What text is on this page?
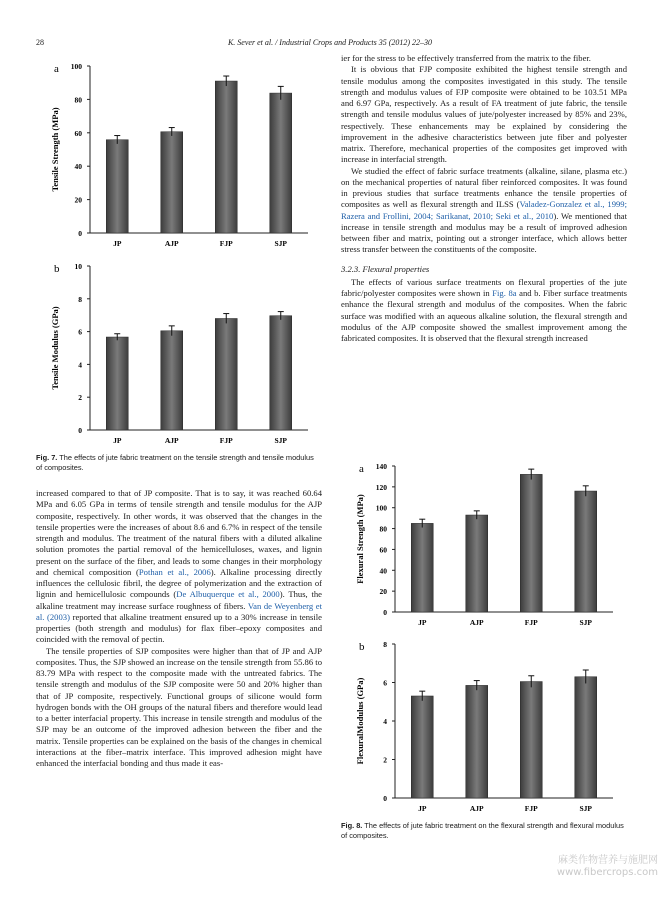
28	K. Sever et al. / Industrial Crops and Products 35 (2012) 22–30
a
0
20
40
60
80
100
Tensile Strength (MPa)
JP	AJP	FJP	SJP
b
0
2
4
6
8
10
Tensile Modulus (GPa)
JP	AJP	FJP	SJP
Fig. 7. The effects of jute fabric treatment on the tensile strength and tensile modulus of composites.

increased compared to that of JP composite. That is to say, it was reached 60.64 MPa and 6.05 GPa in terms of tensile strength and tensile modulus for the AJP composite, respectively. In other words, it was observed that the changes in the tensile properties were the increases of about 8.6 and 6.7% in respect of the tensile strength and modulus. The treatment of the natural fibers with a diluted alkaline solution promotes the partial removal of the hemicelluloses, waxes, and lignin present on the surface of the fiber, and leads to some changes in their morphology and chemical composition (Pothan et al., 2006). Alkaline processing directly influences the cellulosic fibril, the degree of polymerization and the extraction of lignin and hemicellulosic compounds (De Albuquerque et al., 2000). Thus, the alkaline treatment may increase surface roughness of fibers. Van de Weyenberg et al. (2003) reported that alkaline treatment ensured up to a 30% increase in tensile properties (both strength and modulus) for flax fiber–epoxy composites and coincided with the removal of pectin.

The tensile properties of SJP composites were higher than that of JP and AJP composites. Thus, the SJP showed an increase on the tensile strength from 55.86 to 83.79 MPa with respect to the composite made with the untreated fabrics. The tensile strength and modulus of the SJP composite were 50 and 20% higher than that of JP composite, respectively. Functional groups of silicone would form hydrogen bonds with the OH groups of the natural fibers and therefore would lead to a better interfacial property. This increase in tensile strength and modulus of the SJP may be an outcome of the improved adhesion between the fiber and the matrix. Tensile properties can be explained on the basis of the changes in chemical interactions at the fiber–matrix interface. This improved adhesion might have enhanced the interfacial bonding and thus made it eas-

ier for the stress to be effectively transferred from the matrix to the fiber.

It is obvious that FJP composite exhibited the highest tensile strength and tensile modulus among the composites investigated in this study. The tensile strength and modulus values of FJP composite were obtained to be 103.51 MPa and 6.97 GPa, respectively. As a result of FA treatment of jute fabric, the tensile strength and tensile modulus values of jute/polyester increased by 85% and 23%, respectively. These enhancements may be explained by considering the improvement in the adhesive characteristics between jute fiber and polyester matrix. Therefore, mechanical properties of the composites get improved with increase in interfacial strength.

We studied the effect of fabric surface treatments (alkaline, silane, plasma etc.) on the mechanical properties of natural fiber reinforced composites. It was found in previous studies that surface treatments enhance the tensile properties of composites as well as flexural strength and ILSS (Valadez-Gonzalez et al., 1999; Razera and Frollini, 2004; Sarikanat, 2010; Seki et al., 2010). We mentioned that increase in tensile strength and modulus may be a result of improved adhesion between fiber and matrix, pointing out a stronger interface, which allows better stress transfer between the constituents of the composite.

3.2.3. Flexural properties

The effects of various surface treatments on flexural properties of the jute fabric/polyester composites were shown in Fig. 8a and b. Fiber surface treatments enhance the flexural strength and modulus of the composites. When the fabric surface was modified with an aqueous alkaline solution, the flexural strength and modulus of the AJP composite showed the smallest improvement among the fabricated composites. It is observed that the flexural strength increased

a
0
20
40
60
80
100
120
140
Flexural Strength (MPa)
JP	AJP	FJP	SJP
b
0
2
4
6
8
FlexuralModulus (GPa)
JP	AJP	FJP	SJP
Fig. 8. The effects of jute fabric treatment on the flexural strength and flexural modulus of composites.
麻类作物营养与施肥网
www.fibercrops.com
